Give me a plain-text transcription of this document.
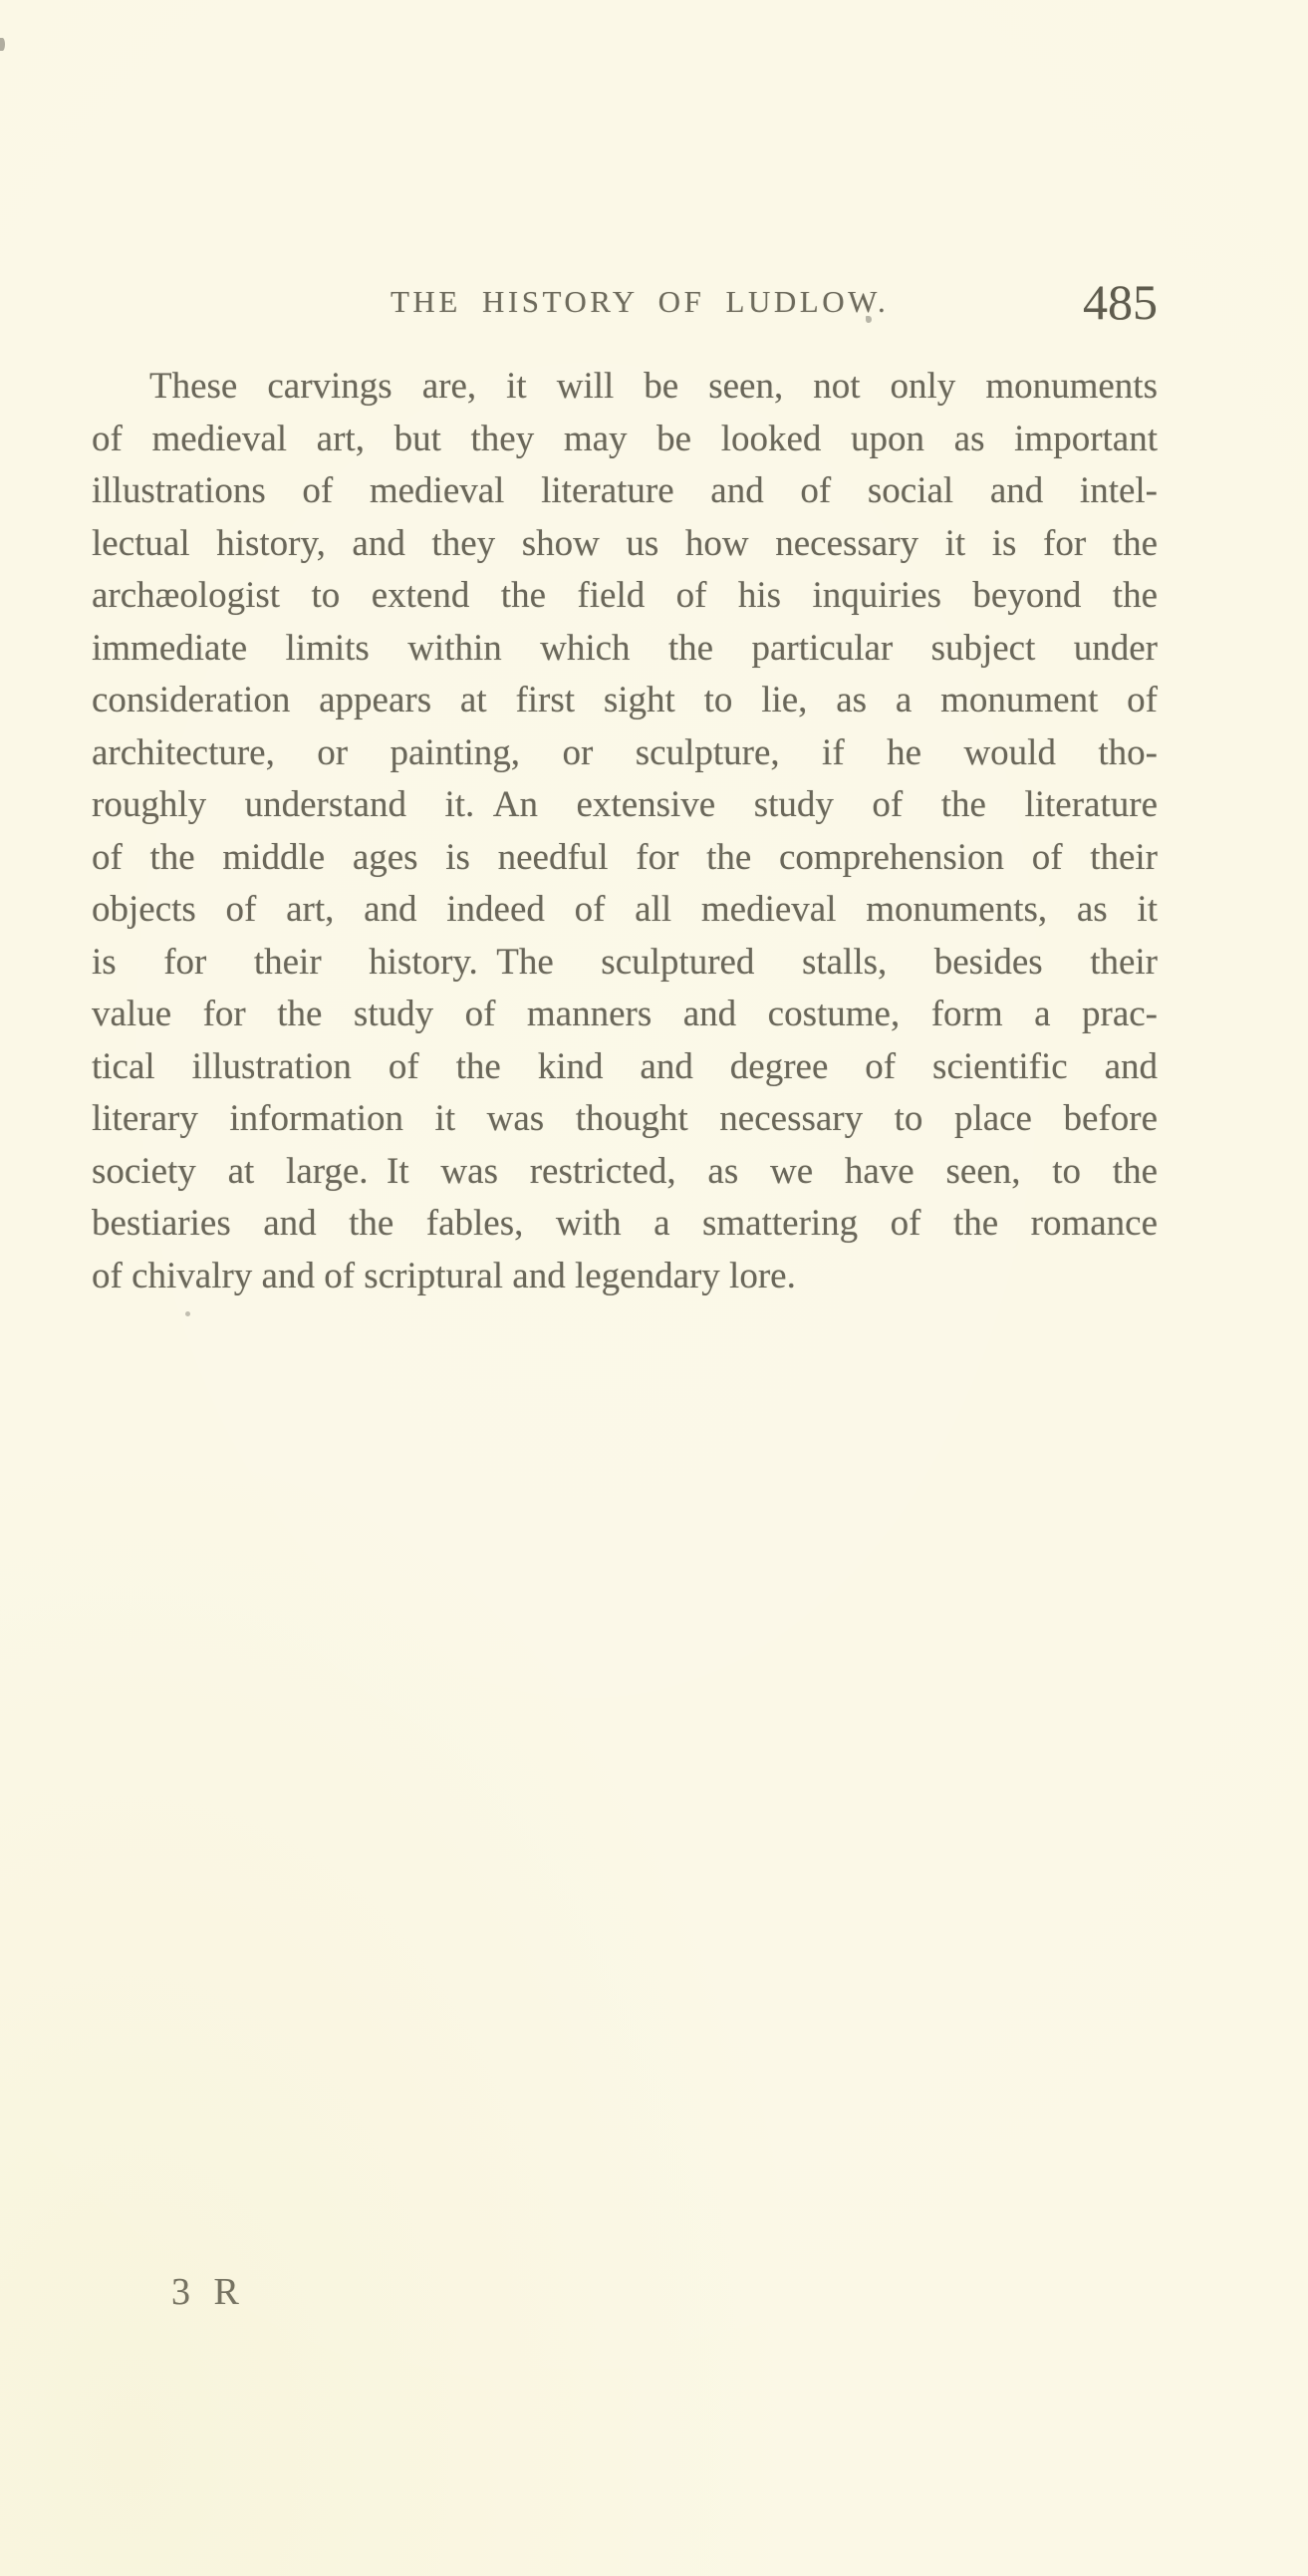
THE HISTORY OF LUDLOW.	485
These carvings are, it will be seen, not only monuments
of medieval art, but they may be looked upon as important
illustrations of medieval literature and of social and intel-
lectual history, and they show us how necessary it is for the
archæologist to extend the field of his inquiries beyond the
immediate limits within which the particular subject under
consideration appears at first sight to lie, as a monument of
architecture, or painting, or sculpture, if he would tho-
roughly understand it. An extensive study of the literature
of the middle ages is needful for the comprehension of their
objects of art, and indeed of all medieval monuments, as it
is for their history. The sculptured stalls, besides their
value for the study of manners and costume, form a prac-
tical illustration of the kind and degree of scientific and
literary information it was thought necessary to place before
society at large. It was restricted, as we have seen, to the
bestiaries and the fables, with a smattering of the romance
of chivalry and of scriptural and legendary lore.
3 R
